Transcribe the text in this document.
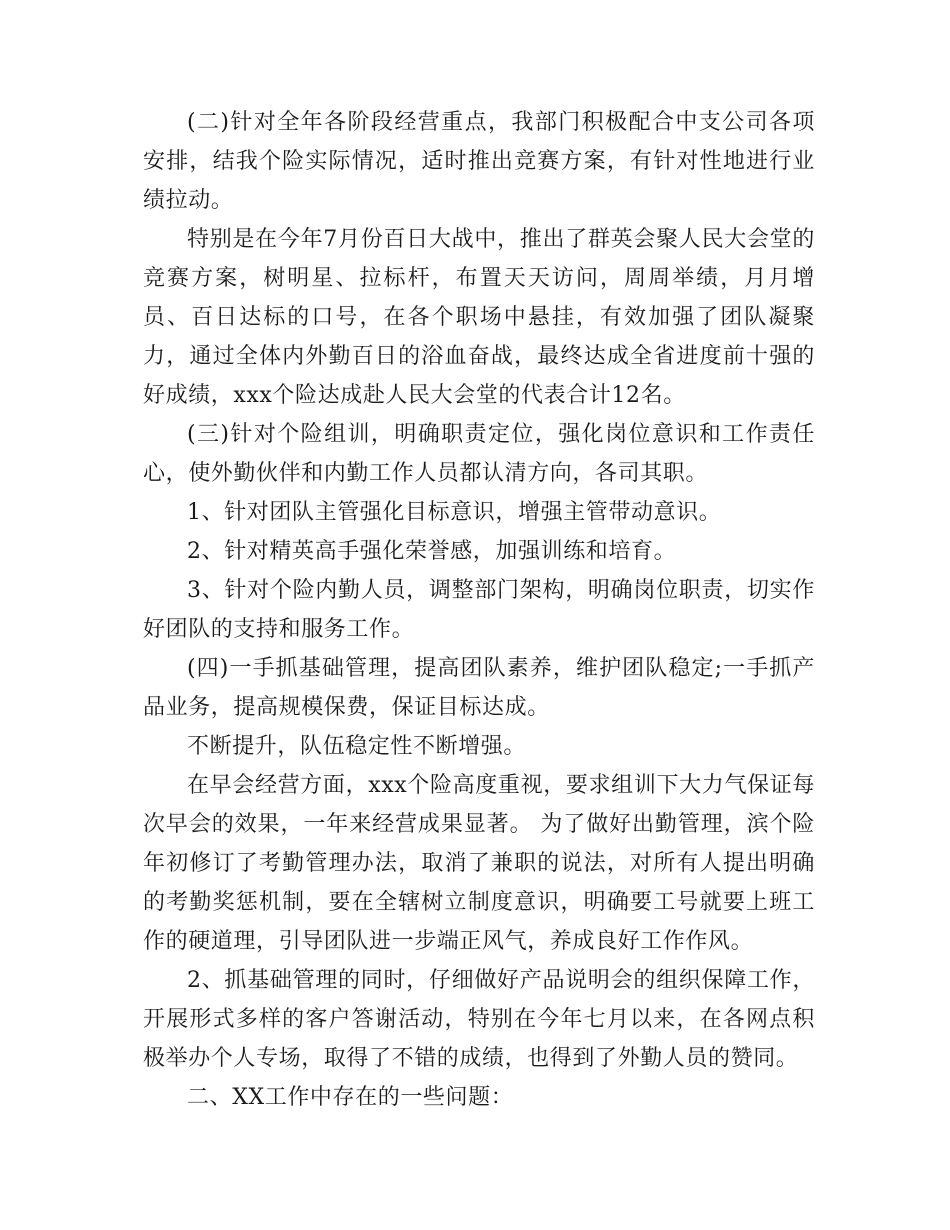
(二)针对全年各阶段经营重点，我部门积极配合中支公司各项安排，结我个险实际情况，适时推出竞赛方案，有针对性地进行业绩拉动。

特别是在今年7月份百日大战中，推出了群英会聚人民大会堂的竞赛方案，树明星、拉标杆，布置天天访问，周周举绩，月月增员、百日达标的口号，在各个职场中悬挂，有效加强了团队凝聚力，通过全体内外勤百日的浴血奋战，最终达成全省进度前十强的好成绩，xxx个险达成赴人民大会堂的代表合计12名。

(三)针对个险组训，明确职责定位，强化岗位意识和工作责任心，使外勤伙伴和内勤工作人员都认清方向，各司其职。

1、针对团队主管强化目标意识，增强主管带动意识。

2、针对精英高手强化荣誉感，加强训练和培育。

3、针对个险内勤人员，调整部门架构，明确岗位职责，切实作好团队的支持和服务工作。

(四)一手抓基础管理，提高团队素养，维护团队稳定;一手抓产品业务，提高规模保费，保证目标达成。

不断提升，队伍稳定性不断增强。

在早会经营方面，xxx个险高度重视，要求组训下大力气保证每次早会的效果，一年来经营成果显著。 为了做好出勤管理，滨个险年初修订了考勤管理办法，取消了兼职的说法，对所有人提出明确的考勤奖惩机制，要在全辖树立制度意识，明确要工号就要上班工作的硬道理，引导团队进一步端正风气，养成良好工作作风。

2、抓基础管理的同时，仔细做好产品说明会的组织保障工作，开展形式多样的客户答谢活动，特别在今年七月以来，在各网点积极举办个人专场，取得了不错的成绩，也得到了外勤人员的赞同。

二、XX工作中存在的一些问题：
